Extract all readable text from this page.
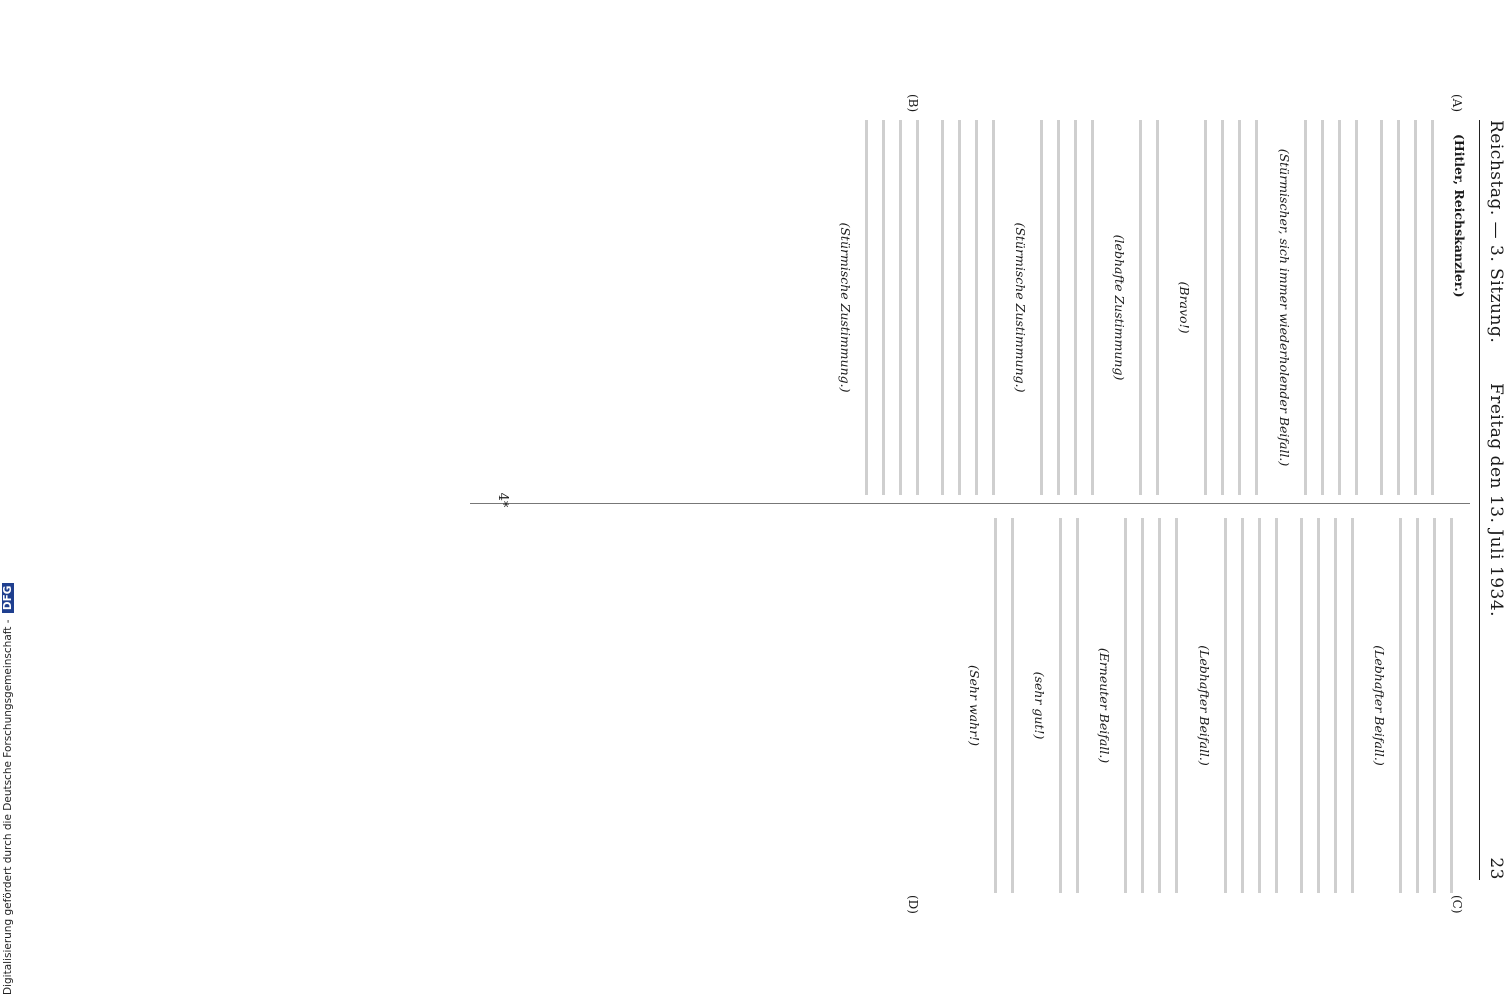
Reichstag. — 3. Sitzung.
Freitag den 13. Juli 1934.
23
(A)
(B)
(C)
(D)

(Hitler, Reichskanzler.)

(Stürmischer, sich immer wiederholender Beifall.)
(Bravo!)
(lebhafte Zustimmung)
(Stürmische Zustimmung.)
(Stürmische Zustimmung.)
(Lebhafter Beifall.)
(Lebhafter Beifall.)
(Erneuter Beifall.)
(sehr gut!)
(Sehr wahr!)
4*
Digitalisierung gefördert durch die Deutsche Forschungsgemeinschaft - DFG
